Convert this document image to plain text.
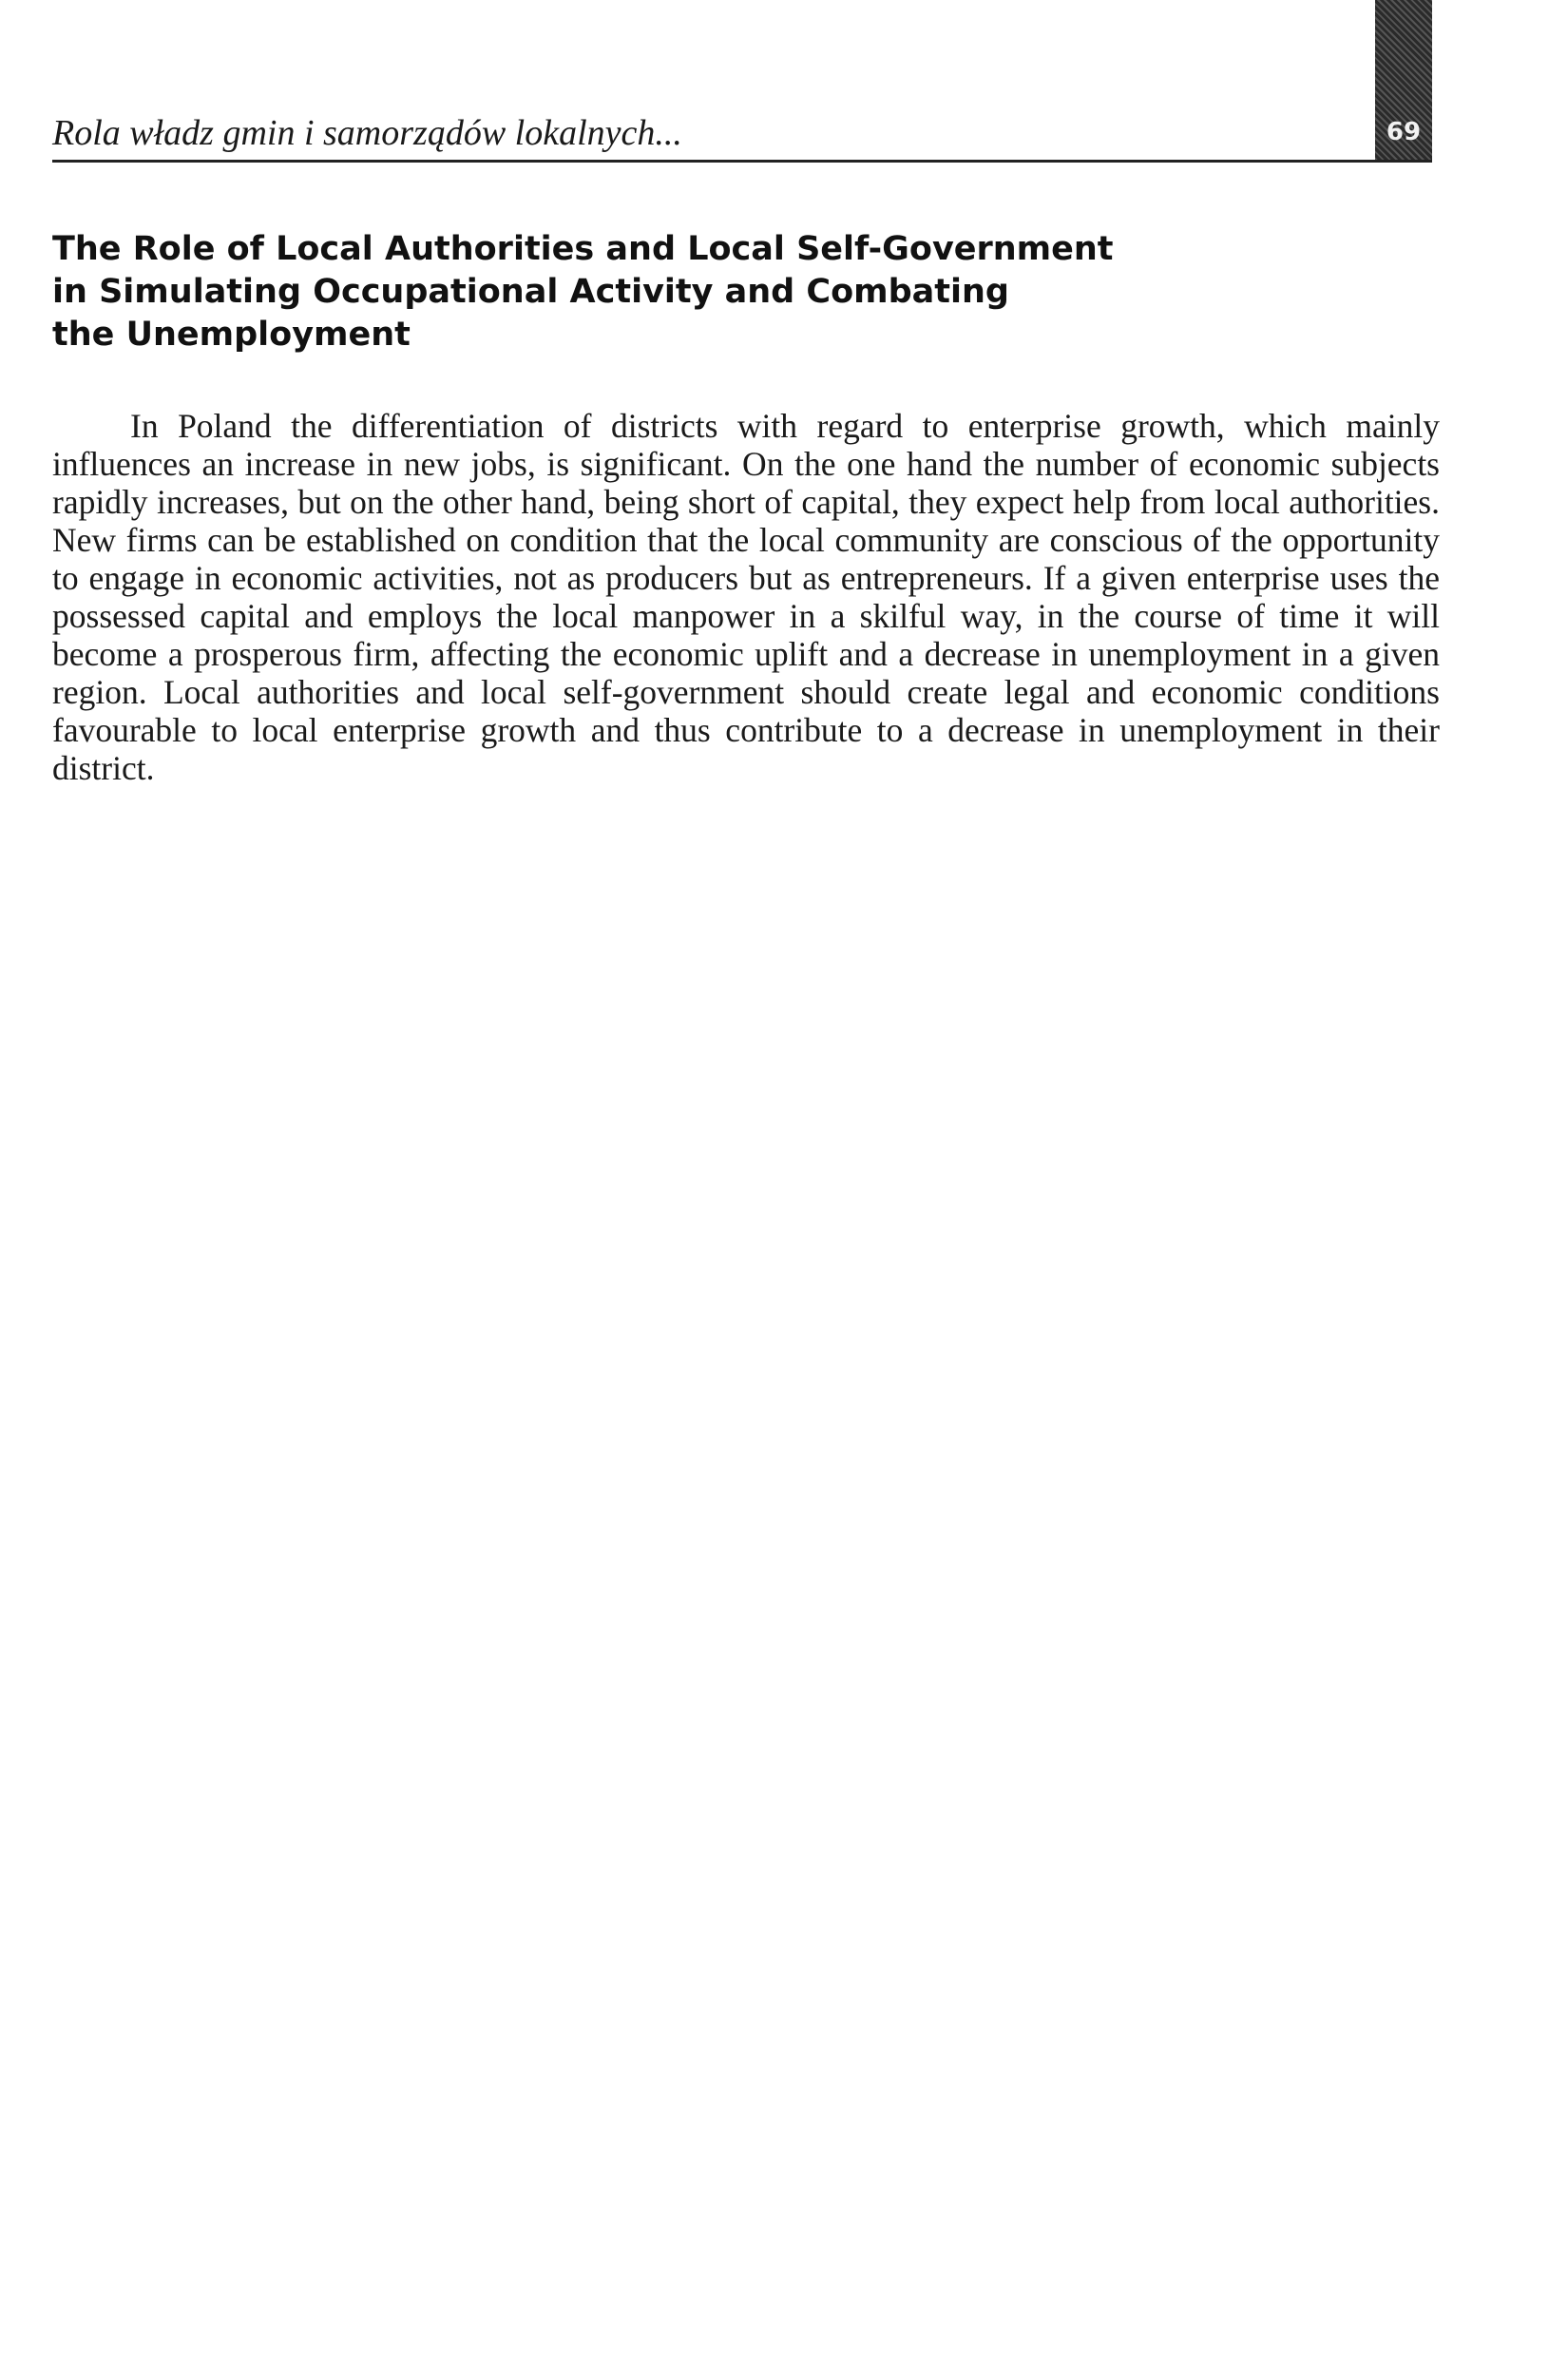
Rola władz gmin i samorządów lokalnych...	69
The Role of Local Authorities and Local Self-Government
in Simulating Occupational Activity and Combating
the Unemployment

In Poland the differentiation of districts with regard to enterprise growth, which mainly influences an increase in new jobs, is significant. On the one hand the number of economic subjects rapidly increases, but on the other hand, being short of capital, they expect help from local authorities. New firms can be established on condition that the local community are conscious of the opportunity to engage in economic activities, not as producers but as entrepreneurs. If a given enterprise uses the possessed capital and employs the local manpower in a skilful way, in the course of time it will become a prosperous firm, affecting the economic uplift and a decrease in unemployment in a given region. Local authorities and local self-government should create legal and economic conditions favourable to local enterprise growth and thus contribute to a decrease in unemployment in their district.
